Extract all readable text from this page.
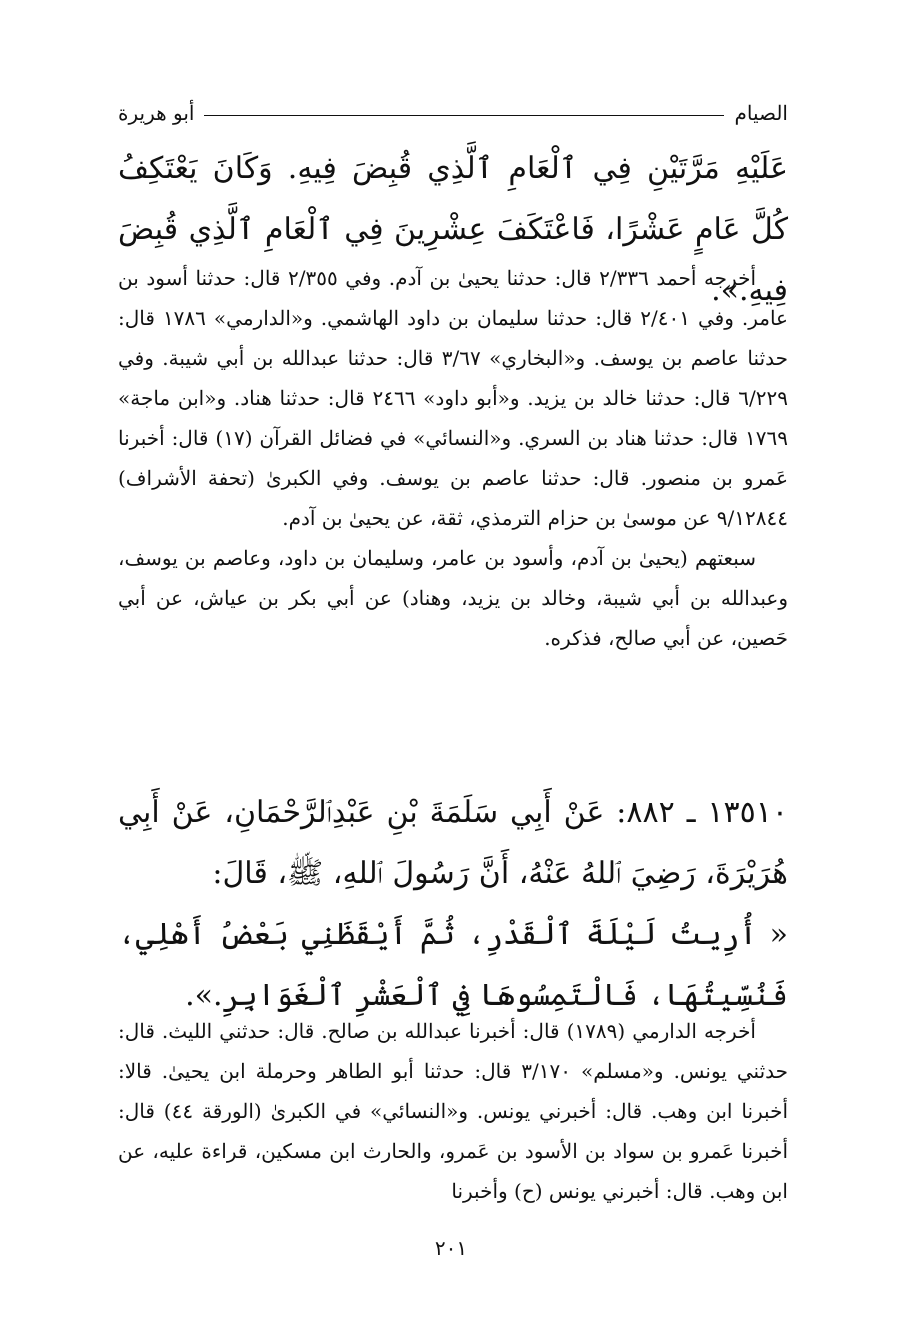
الصيام
أبو هريرة
عَلَيْهِ مَرَّتَيْنِ فِي ٱلْعَامِ ٱلَّذِي قُبِضَ فِيهِ. وَكَانَ يَعْتَكِفُ كُلَّ عَامٍ عَشْرًا، فَاعْتَكَفَ عِشْرِينَ فِي ٱلْعَامِ ٱلَّذِي قُبِضَ فِيهِ.».

أخرجه أحمد ٢/٣٣٦ قال: حدثنا يحيىٰ بن آدم. وفي ٢/٣٥٥ قال: حدثنا أسود بن عامر. وفي ٢/٤٠١ قال: حدثنا سليمان بن داود الهاشمي. و«الدارمي» ١٧٨٦ قال: حدثنا عاصم بن يوسف. و«البخاري» ٣/٦٧ قال: حدثنا عبدالله بن أبي شيبة. وفي ٦/٢٢٩ قال: حدثنا خالد بن يزيد. و«أبو داود» ٢٤٦٦ قال: حدثنا هناد. و«ابن ماجة» ١٧٦٩ قال: حدثنا هناد بن السري. و«النسائي» في فضائل القرآن (١٧) قال: أخبرنا عَمرو بن منصور. قال: حدثنا عاصم بن يوسف. وفي الكبرىٰ (تحفة الأشراف) ٩/١٢٨٤٤ عن موسىٰ بن حزام الترمذي، ثقة، عن يحيىٰ بن آدم.

سبعتهم (يحيىٰ بن آدم، وأسود بن عامر، وسليمان بن داود، وعاصم بن يوسف، وعبدالله بن أبي شيبة، وخالد بن يزيد، وهناد) عن أبي بكر بن عياش، عن أبي حَصين، عن أبي صالح، فذكره.

١٣٥١٠ ـ ٨٨٢: عَنْ أَبِي سَلَمَةَ بْنِ عَبْدِٱلرَّحْمَانِ، عَنْ أَبِي هُرَيْرَةَ، رَضِيَ ٱللهُ عَنْهُ، أَنَّ رَسُولَ ٱللهِ، ﷺ، قَالَ:
« أُرِيتُ لَيْلَةَ ٱلْقَدْرِ، ثُمَّ أَيْقَظَنِي بَعْضُ أَهْلِي، فَنُسِّيتُهَا، فَالْتَمِسُوهَا فِي ٱلْعَشْرِ ٱلْغَوَابِرِ.».

أخرجه الدارمي (١٧٨٩) قال: أخبرنا عبدالله بن صالح. قال: حدثني الليث. قال: حدثني يونس. و«مسلم» ٣/١٧٠ قال: حدثنا أبو الطاهر وحرملة ابن يحيىٰ. قالا: أخبرنا ابن وهب. قال: أخبرني يونس. و«النسائي» في الكبرىٰ (الورقة ٤٤) قال: أخبرنا عَمرو بن سواد بن الأسود بن عَمرو، والحارث ابن مسكين، قراءة عليه، عن ابن وهب. قال: أخبرني يونس (ح) وأخبرنا

٢٠١
